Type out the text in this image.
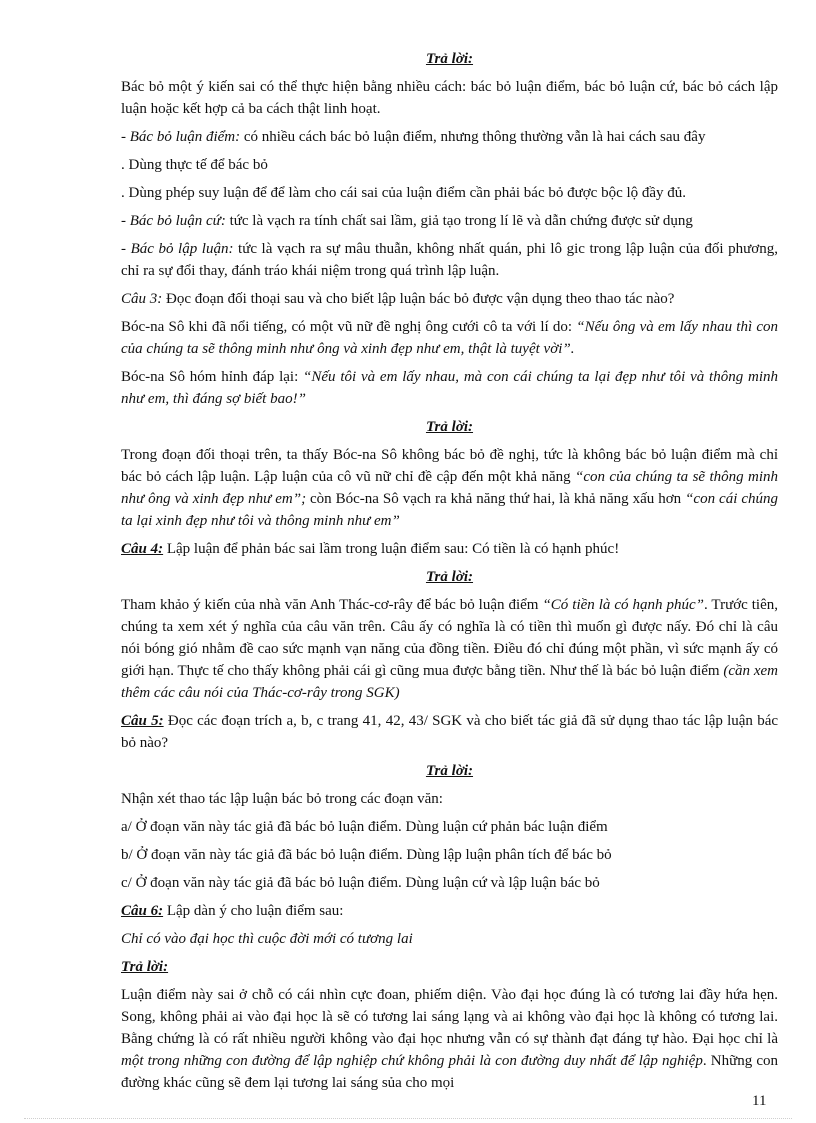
Trả lời:

Bác bỏ một ý kiến sai có thể thực hiện bằng nhiều cách: bác bỏ luận điểm, bác bỏ luận cứ, bác bỏ cách lập luận hoặc kết hợp cả ba cách thật linh hoạt.

- Bác bỏ luận điểm: có nhiều cách bác bỏ luận điểm, nhưng thông thường vẫn là hai cách sau đây

. Dùng thực tế để bác bỏ

. Dùng phép suy luận để để làm cho cái sai của luận điểm cần phải bác bỏ được bộc lộ đầy đủ.

- Bác bỏ luận cứ: tức là vạch ra tính chất sai lầm, giả tạo trong lí lẽ và dẫn chứng được sử dụng

- Bác bỏ lập luận: tức là vạch ra sự mâu thuẫn, không nhất quán, phi lô gic trong lập luận của đối phương, chỉ ra sự đổi thay, đánh tráo khái niệm trong quá trình lập luận.

Câu 3: Đọc đoạn đối thoại sau và cho biết lập luận bác bỏ được vận dụng theo thao tác nào?

Bóc-na Sô khi đã nổi tiếng, có một vũ nữ đề nghị ông cưới cô ta với lí do: “Nếu ông và em lấy nhau thì con của chúng ta sẽ thông minh như ông và xinh đẹp như em, thật là tuyệt vời”.

Bóc-na Sô hóm hỉnh đáp lại: “Nếu tôi và em lấy nhau, mà con cái chúng ta lại đẹp như tôi và thông minh như em, thì đáng sợ biết bao!”

Trả lời:

Trong đoạn đối thoại trên, ta thấy Bóc-na Sô không bác bỏ đề nghị, tức là không bác bỏ luận điểm mà chỉ bác bỏ cách lập luận. Lập luận của cô vũ nữ chỉ đề cập đến một khả năng “con của chúng ta sẽ thông minh như ông và xinh đẹp như em”; còn Bóc-na Sô vạch ra khả năng thứ hai, là khả năng xấu hơn “con cái chúng ta lại xinh đẹp như tôi và thông minh như em”

Câu 4: Lập luận để phản bác sai lầm trong luận điểm sau: Có tiền là có hạnh phúc!

Trả lời:

Tham khảo ý kiến của nhà văn Anh Thác-cơ-rây để bác bỏ luận điểm “Có tiền là có hạnh phúc”. Trước tiên, chúng ta xem xét ý nghĩa của câu văn trên. Câu ấy có nghĩa là có tiền thì muốn gì được nấy. Đó chỉ là câu nói bóng gió nhằm đề cao sức mạnh vạn năng của đồng tiền. Điều đó chỉ đúng một phần, vì sức mạnh ấy có giới hạn. Thực tế cho thấy không phải cái gì cũng mua được bằng tiền. Như thế là bác bỏ luận điểm (cần xem thêm các câu nói của Thác-cơ-rây trong SGK)

Câu 5: Đọc các đoạn trích a, b, c trang 41, 42, 43/ SGK và cho biết tác giả đã sử dụng thao tác lập luận bác bỏ nào?

Trả lời:

Nhận xét thao tác lập luận bác bỏ trong các đoạn văn:

a/ Ở đoạn văn này tác giả đã bác bỏ luận điểm. Dùng luận cứ phản bác luận điểm

b/ Ở đoạn văn này tác giả đã bác bỏ luận điểm. Dùng lập luận phân tích để bác bỏ

c/ Ở đoạn văn này tác giả đã bác bỏ luận điểm. Dùng luận cứ và lập luận bác bỏ

Câu 6: Lập dàn ý cho luận điểm sau:

Chỉ có vào đại học thì cuộc đời mới có tương lai

Trả lời:

Luận điểm này sai ở chỗ có cái nhìn cực đoan, phiếm diện. Vào đại học đúng là có tương lai đầy hứa hẹn. Song, không phải ai vào đại học là sẽ có tương lai sáng lạng và ai không vào đại học là không có tương lai. Bằng chứng là có rất nhiều người không vào đại học nhưng vẫn có sự thành đạt đáng tự hào. Đại học chỉ là một trong những con đường để lập nghiệp chứ không phải là con đường duy nhất để lập nghiệp. Những con đường khác cũng sẽ đem lại tương lai sáng sủa cho mọi

11
